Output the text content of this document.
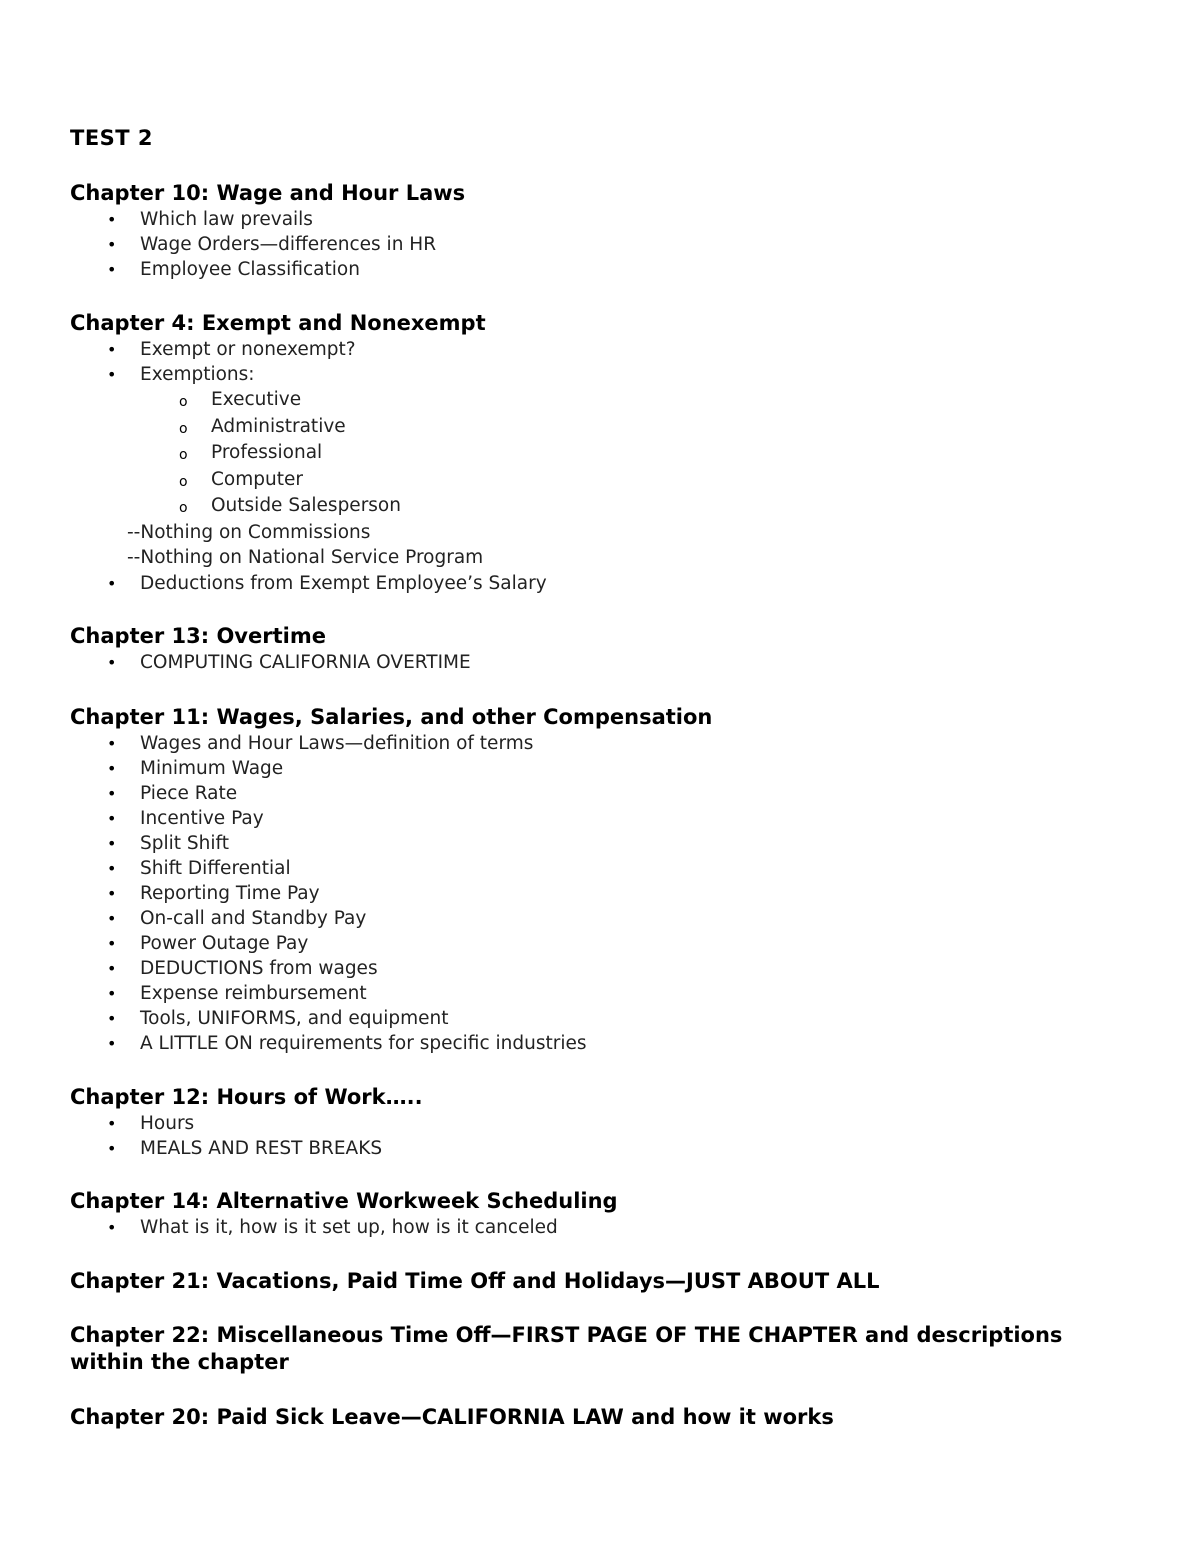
TEST 2
Chapter 10: Wage and Hour Laws
• Which law prevails
• Wage Orders—differences in HR
• Employee Classification
Chapter 4: Exempt and Nonexempt
• Exempt or nonexempt?
• Exemptions:
o Executive
o Administrative
o Professional
o Computer
o Outside Salesperson
--Nothing on Commissions
--Nothing on National Service Program
• Deductions from Exempt Employee’s Salary
Chapter 13: Overtime
• COMPUTING CALIFORNIA OVERTIME
Chapter 11: Wages, Salaries, and other Compensation
• Wages and Hour Laws—definition of terms
• Minimum Wage
• Piece Rate
• Incentive Pay
• Split Shift
• Shift Differential
• Reporting Time Pay
• On-call and Standby Pay
• Power Outage Pay
• DEDUCTIONS from wages
• Expense reimbursement
• Tools, UNIFORMS, and equipment
• A LITTLE ON requirements for specific industries
Chapter 12: Hours of Work…..
• Hours
• MEALS AND REST BREAKS
Chapter 14: Alternative Workweek Scheduling
• What is it, how is it set up, how is it canceled
Chapter 21: Vacations, Paid Time Off and Holidays—JUST ABOUT ALL
Chapter 22: Miscellaneous Time Off—FIRST PAGE OF THE CHAPTER and descriptions within the chapter
Chapter 20: Paid Sick Leave—CALIFORNIA LAW and how it works
